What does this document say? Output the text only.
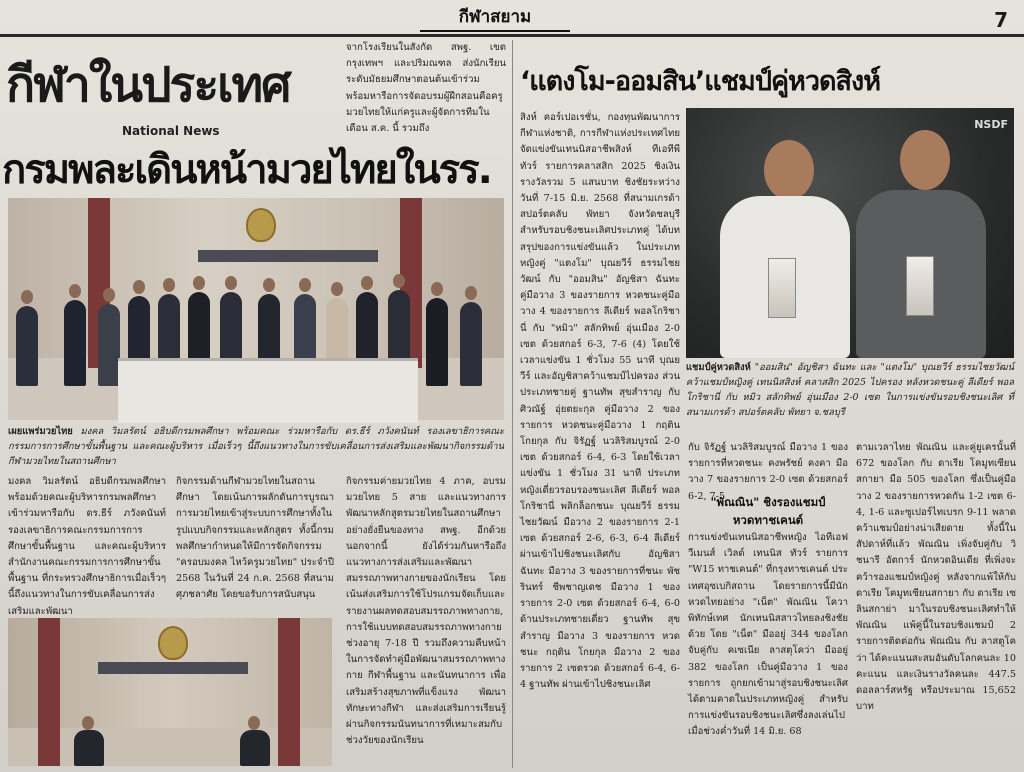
กีฬาสยาม	7
กีฬาในประเทศ
National News
จากโรงเรียนในสังกัด สพฐ. เขตกรุงเทพฯ และปริมณฑล ส่งนักเรียนระดับมัธยมศึกษาตอนต้นเข้าร่วม พร้อมหารือการจัดอบรมผู้ฝึกสอนคือครูมวยไทยให้แก่ครูและผู้จัดการทีมในเดือน ส.ค. นี้ รวมถึง
กรมพละเดินหน้ามวยไทยในรร.
เผยแพร่มวยไทย มงคล วิมลรัตน์ อธิบดีกรมพลศึกษา พร้อมคณะ ร่วมหารือกับ ดร.ธีร์ ภวังคนันท์ รองเลขาธิการคณะกรรมการการศึกษาขั้นพื้นฐาน และคณะผู้บริหาร เมื่อเร็วๆ นี้ถึงแนวทางในการขับเคลื่อนการส่งเสริมและพัฒนากิจกรรมด้านกีฬามวยไทยในสถานศึกษา
มงคล วิมลรัตน์ อธิบดีกรมพลศึกษา พร้อมด้วยคณะผู้บริหารกรมพลศึกษา เข้าร่วมหารือกับ ดร.ธีร์ ภวังคนันท์ รองเลขาธิการคณะกรรมการการศึกษาขั้นพื้นฐาน และคณะผู้บริหารสำนักงานคณะกรรมการการศึกษาขั้นพื้นฐาน ที่กระทรวงศึกษาธิการเมื่อเร็วๆ นี้ถึงแนวทางในการขับเคลื่อนการส่งเสริมและพัฒนา
กิจกรรมด้านกีฬามวยไทยในสถานศึกษา โดยเน้นการผลักดันการบูรณาการมวยไทยเข้าสู่ระบบการศึกษาทั้งในรูปแบบกิจกรรมและหลักสูตร ทั้งนี้กรมพลศึกษากำหนดให้มีการจัดกิจกรรม "ครอบมงคล ไหว้ครูมวยไทย" ประจำปี 2568 ในวันที่ 24 ก.ค. 2568 ที่สนามศุภชลาศัย โดยขอรับการสนับสนุน
กิจกรรมค่ายมวยไทย 4 ภาค, อบรมมวยไทย 5 สาย และแนวทางการพัฒนาหลักสูตรมวยไทยในสถานศึกษาอย่างยั่งยืนของทาง สพฐ. อีกด้วย นอกจากนี้ ยังได้ร่วมกันหารือถึงแนวทางการส่งเสริมและพัฒนาสมรรถภาพทางกายของนักเรียน โดยเน้นส่งเสริมการใช้โปรแกรมจัดเก็บและรายงานผลทดสอบสมรรถภาพทางกาย, การใช้แบบทดสอบสมรรถภาพทางกายช่วงอายุ 7-18 ปี รวมถึงความคืบหน้าในการจัดทำคู่มือพัฒนาสมรรถภาพทางกาย กีฬาพื้นฐาน และนันทนาการ เพื่อเสริมสร้างสุขภาพที่แข็งแรง พัฒนาทักษะทางกีฬา และส่งเสริมการเรียนรู้ผ่านกิจกรรมนันทนาการที่เหมาะสมกับช่วงวัยของนักเรียน
‘แตงโม-ออมสิน’แชมป์คู่หวดสิงห์
สิงห์ คอร์เปอเรชั่น, กองทุนพัฒนาการกีฬาแห่งชาติ, การกีฬาแห่งประเทศไทย จัดแข่งขันเทนนิสอาชีพสิงห์ ทีเอทีพี ทัวร์ รายการคลาสสิก 2025 ชิงเงินรางวัลรวม 5 แสนบาท ชิงชัยระหว่างวันที่ 7-15 มิ.ย. 2568 ที่สนามเกรด้า สปอร์ตคลับ พัทยา จังหวัดชลบุรี สำหรับรอบชิงชนะเลิศประเภทคู่ ได้บทสรุปของการแข่งขันแล้ว ในประเภทหญิงคู่ "แตงโม" บุณยวีร์ ธรรมไชยวัฒน์ กับ "ออมสิน" อัญชิสา ฉันทะ คู่มือวาง 3 ของรายการ หวดชนะคู่มือวาง 4 ของรายการ ลีเดียร์ พอลโกริชานี่ กับ "หมิว" สลักทิพย์ อุ่นเมือง 2-0 เซต ด้วยสกอร์ 6-3, 7-6 (4) โดยใช้เวลาแข่งขัน 1 ชั่วโมง 55 นาที บุณยวีร์ และอัญชิสาคว้าแชมป์ไปครอง ส่วนประเภทชายคู่ ฐานทัพ สุขสำราญ กับ ศิวณัฐ์ อุ่ยตยะกุล คู่มือวาง 2 ของรายการ หวดชนะคู่มือวาง 1 กฤติน โกยกุล กับ จิรัฏฐ์ นวลิริสมบูรณ์ 2-0 เซต ด้วยสกอร์ 6-4, 6-3 โดยใช้เวลาแข่งขัน 1 ชั่วโมง 31 นาที ประเภทหญิงเดี่ยวรอบรองชนะเลิศ ลีเดียร์ พอลโกริชานี่ พลิกล็อกชนะ บุณยวีร์ ธรรมไชยวัฒน์ มือวาง 2 ของรายการ 2-1 เซต ด้วยสกอร์ 2-6, 6-3, 6-4 ลีเดียร์ ผ่านเข้าไปชิงชนะเลิศกับ อัญชิสา ฉันทะ มือวาง 3 ของรายการที่ชนะ พัชรินทร์ ชีพชาญเดช มือวาง 1 ของรายการ 2-0 เซต ด้วยสกอร์ 6-4, 6-0 ด้านประเภทชายเดี่ยว ฐานทัพ สุขสำราญ มือวาง 3 ของรายการ หวดชนะ กฤติน โกยกุล มือวาง 2 ของรายการ 2 เซตรวด ด้วยสกอร์ 6-4, 6-4 ฐานทัพ ผ่านเข้าไปชิงชนะเลิศ
NSDF
แชมป์คู่หวดสิงห์ "ออมสิน" อัญชิสา ฉันทะ และ "แตงโม" บุณยวีร์ ธรรมไชยวัฒน์ คว้าแชมป์หญิงคู่ เทนนิสสิงห์ คลาสสิก 2025 ไปครอง หลังหวดชนะคู่ ลีเดียร์ พอลโกริชานี่ กับ หมิว สลักทิพย์ อุ่นเมือง 2-0 เซต ในการแข่งขันรอบชิงชนะเลิศ ที่สนามเกรด้า สปอร์ตคลับ พัทยา จ.ชลบุรี
กับ จิรัฏฐ์ นวลิริสมบูรณ์ มือวาง 1 ของรายการที่หวดชนะ คงพรัชย์ คงคา มือวาง 7 ของรายการ 2-0 เซต ด้วยสกอร์ 6-2, 7-5
"พัณณิน" ชิงรองแชมป์
หวดทาชเคนต์
การแข่งขันเทนนิสอาชีพหญิง ไอทีเอฟ วีเมนส์ เวิลด์ เทนนิส ทัวร์ รายการ "W15 ทาชเคนต์" ที่กรุงทาชเคนต์ ประเทศอุซเบกิสถาน โดยรายการนี้มีนักหวดไทยอย่าง "เน็ต" พัณณิน โควาพิทักษ์เทศ นักเทนนิสสาวไทยลงชิงชัยด้วย โดย "เน็ต" มืออยู่ 344 ของโลก จับคู่กับ คเซเนีย ลาสตุโคว่า มืออยู่ 382 ของโลก เป็นคู่มือวาง 1 ของรายการ ถูกยกเข้ามาสู่รอบชิงชนะเลิศได้ตามคาดในประเภทหญิงคู่ สำหรับการแข่งขันรอบชิงชนะเลิศซึ่งลงเล่นไปเมื่อช่วงค่ำวันที่ 14 มิ.ย. 68
ตามเวลาไทย พัณณิน และคู่ยูเครนั้นที่ 672 ของโลก กับ ดาเรีย โคมูทเซียนสกายา มือ 505 ของโลก ซึ่งเป็นคู่มือวาง 2 ของรายการหวดกัน 1-2 เซต 6-4, 1-6 และซูเปอร์ไทเบรก 9-11 พลาดคว้าแชมป์อย่างน่าเสียดาย ทั้งนี้ในสัปดาห์ที่แล้ว พัณณิน เพิ่งจับคู่กับ วิชนารี อัตการ์ นักหวดอินเดีย ที่เพิ่งจะคว้ารองแชมป์หญิงคู่ หลังจากแพ้ให้กับ ดาเรีย โคมูทเซียนสกายา กับ ดาเรีย เซลินสกาย่า มาในรอบชิงชนะเลิศทำให้ พัณณิน แพ้คู่นี้ในรอบชิงแชมป์ 2 รายการติดต่อกัน พัณณิน กับ ลาสตูโคว่า ได้คะแนนสะสมอันดับโลกคนละ 10 คะแนน และเงินรางวัลคนละ 447.5 ดอลลาร์สหรัฐ หรือประมาณ 15,652 บาท
